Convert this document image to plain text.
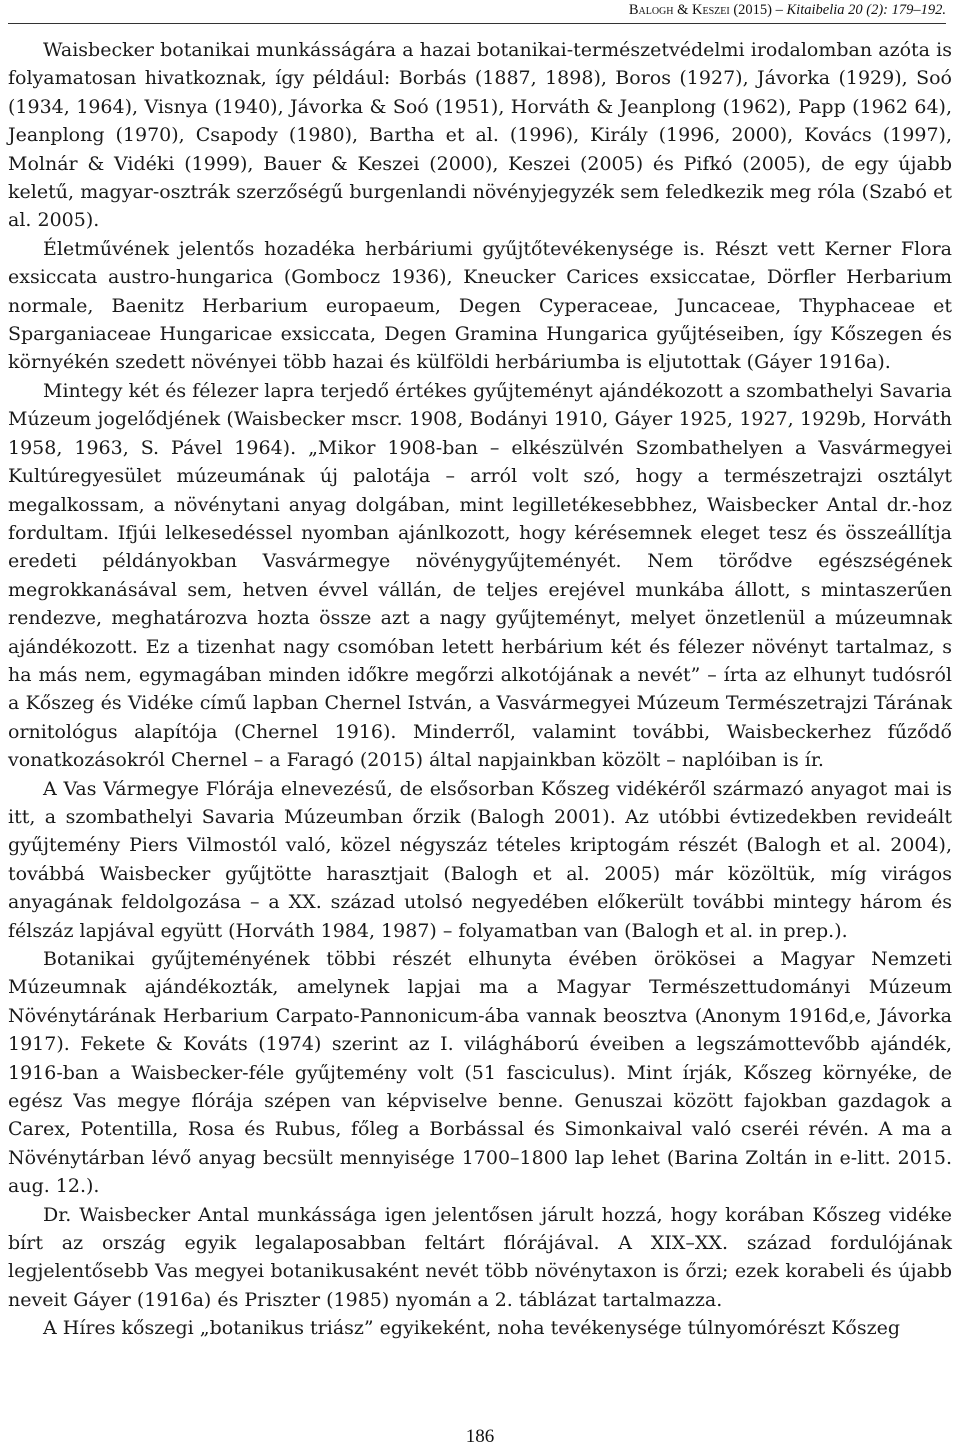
Balogh & Keszei (2015) – Kitaibelia 20 (2): 179–192.

Waisbecker botanikai munkásságára a hazai botanikai-természetvédelmi irodalomban azóta is folyamatosan hivatkoznak, így például: Borbás (1887, 1898), Boros (1927), Jávorka (1929), Soó (1934, 1964), Visnya (1940), Jávorka & Soó (1951), Horváth & Jeanplong (1962), Papp (1962 64), Jeanplong (1970), Csapody (1980), Bartha et al. (1996), Király (1996, 2000), Kovács (1997), Molnár & Vidéki (1999), Bauer & Keszei (2000), Keszei (2005) és Pifkó (2005), de egy újabb keletű, magyar-osztrák szerzőségű burgenlandi növényjegyzék sem feledkezik meg róla (Szabó et al. 2005).

Életművének jelentős hozadéka herbáriumi gyűjtőtevékenysége is. Részt vett Kerner Flora exsiccata austro-hungarica (Gombocz 1936), Kneucker Carices exsiccatae, Dörfler Herbarium normale, Baenitz Herbarium europaeum, Degen Cyperaceae, Juncaceae, Thyphaceae et Sparganiaceae Hungaricae exsiccata, Degen Gramina Hungarica gyűjtéseiben, így Kőszegen és környékén szedett növényei több hazai és külföldi herbáriumba is eljutottak (Gáyer 1916a).

Mintegy két és félezer lapra terjedő értékes gyűjteményt ajándékozott a szombathelyi Savaria Múzeum jogelődjének (Waisbecker mscr. 1908, Bodányi 1910, Gáyer 1925, 1927, 1929b, Horváth 1958, 1963, S. Pável 1964). „Mikor 1908-ban – elkészülvén Szombathelyen a Vasvármegyei Kultúregyesület múzeumának új palotája – arról volt szó, hogy a természetrajzi osztályt megalkossam, a növénytani anyag dolgában, mint legilletékesebbhez, Waisbecker Antal dr.-hoz fordultam. Ifjúi lelkesedéssel nyomban ajánlkozott, hogy kérésemnek eleget tesz és összeállítja eredeti példányokban Vasvármegye növénygyűjteményét. Nem törődve egészségének megrokkanásával sem, hetven évvel vállán, de teljes erejével munkába állott, s mintaszerűen rendezve, meghatározva hozta össze azt a nagy gyűjteményt, melyet önzetlenül a múzeumnak ajándékozott. Ez a tizenhat nagy csomóban letett herbárium két és félezer növényt tartalmaz, s ha más nem, egymagában minden időkre megőrzi alkotójának a nevét” – írta az elhunyt tudósról a Kőszeg és Vidéke című lapban Chernel István, a Vasvármegyei Múzeum Természetrajzi Tárának ornitológus alapítója (Chernel 1916). Minderről, valamint további, Waisbeckerhez fűződő vonatkozásokról Chernel – a Faragó (2015) által napjainkban közölt – naplóiban is ír.

A Vas Vármegye Flórája elnevezésű, de elsősorban Kőszeg vidékéről származó anyagot mai is itt, a szombathelyi Savaria Múzeumban őrzik (Balogh 2001). Az utóbbi évtizedekben revideált gyűjtemény Piers Vilmostól való, közel négyszáz tételes kriptogám részét (Balogh et al. 2004), továbbá Waisbecker gyűjtötte harasztjait (Balogh et al. 2005) már közöltük, míg virágos anyagának feldolgozása – a XX. század utolsó negyedében előkerült további mintegy három és félszáz lapjával együtt (Horváth 1984, 1987) – folyamatban van (Balogh et al. in prep.).

Botanikai gyűjteményének többi részét elhunyta évében örökösei a Magyar Nemzeti Múzeumnak ajándékozták, amelynek lapjai ma a Magyar Természettudományi Múzeum Növénytárának Herbarium Carpato-Pannonicum-ába vannak beosztva (Anonym 1916d,e, Jávorka 1917). Fekete & Kováts (1974) szerint az I. világháború éveiben a legszámottevőbb ajándék, 1916-ban a Waisbecker-féle gyűjtemény volt (51 fasciculus). Mint írják, Kőszeg környéke, de egész Vas megye flórája szépen van képviselve benne. Genuszai között fajokban gazdagok a Carex, Potentilla, Rosa és Rubus, főleg a Borbással és Simonkaival való cseréi révén. A ma a Növénytárban lévő anyag becsült mennyisége 1700–1800 lap lehet (Barina Zoltán in e-litt. 2015. aug. 12.).

Dr. Waisbecker Antal munkássága igen jelentősen járult hozzá, hogy korában Kőszeg vidéke bírt az ország egyik legalaposabban feltárt flórájával. A XIX–XX. század fordulójának legjelentősebb Vas megyei botanikusaként nevét több növénytaxon is őrzi; ezek korabeli és újabb neveit Gáyer (1916a) és Priszter (1985) nyomán a 2. táblázat tartalmazza.

A Híres kőszegi „botanikus triász” egyikeként, noha tevékenysége túlnyomórészt Kőszeg

186
